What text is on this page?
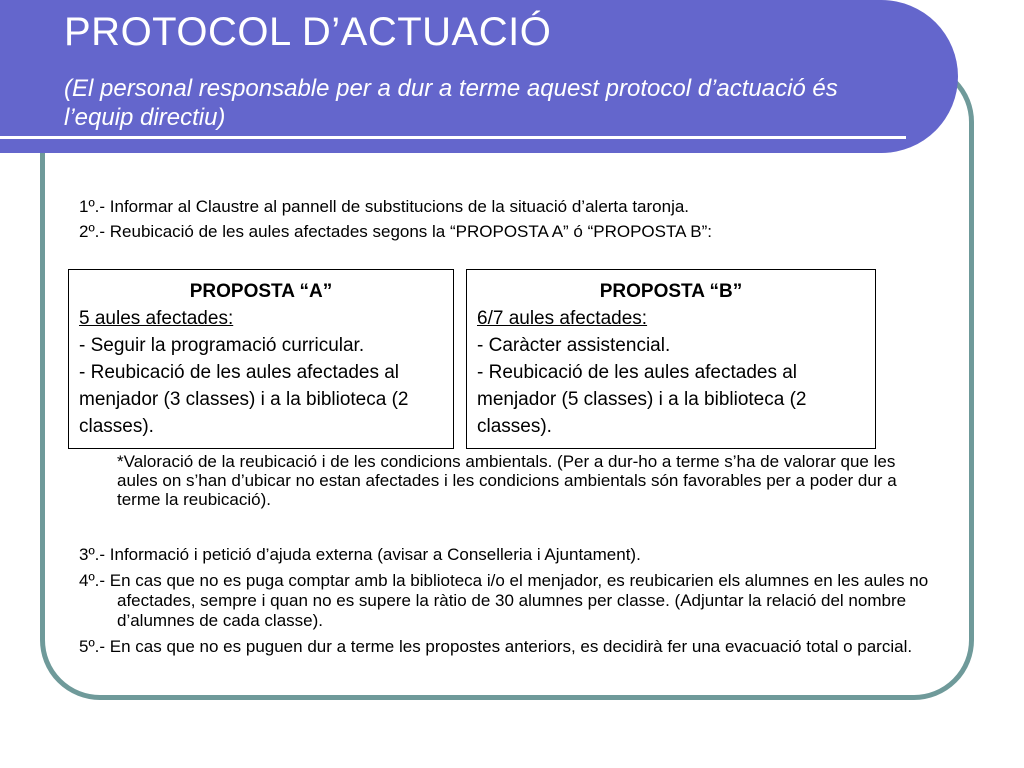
PROTOCOL D’ACTUACIÓ

(El personal responsable per a dur a terme aquest protocol d’actuació és l’equip directiu)

1º.- Informar al Claustre al pannell de substitucions de la situació d’alerta taronja.

2º.- Reubicació de les aules afectades segons la “PROPOSTA A” ó “PROPOSTA B”:

PROPOSTA “A”
5 aules afectades:
- Seguir la programació curricular.
- Reubicació de les aules afectades al menjador (3 classes) i a la biblioteca (2 classes).
PROPOSTA “B”
6/7 aules afectades:
- Caràcter assistencial.
- Reubicació de les aules afectades al menjador (5 classes) i a la biblioteca (2 classes).

*Valoració de la reubicació i de les condicions ambientals. (Per a dur-ho a terme s’ha de valorar que les aules on s’han d’ubicar no estan afectades i les condicions ambientals són favorables per a poder dur a terme la reubicació).

3º.- Informació i petició d’ajuda externa (avisar a Conselleria i Ajuntament).

4º.- En cas que no es puga comptar amb la biblioteca i/o el menjador, es reubicarien els alumnes en les aules no afectades, sempre i quan no es supere la ràtio de 30 alumnes per classe. (Adjuntar la relació del nombre d’alumnes de cada classe).

5º.- En cas que no es puguen dur a terme les propostes anteriors, es decidirà fer una evacuació total o parcial.
